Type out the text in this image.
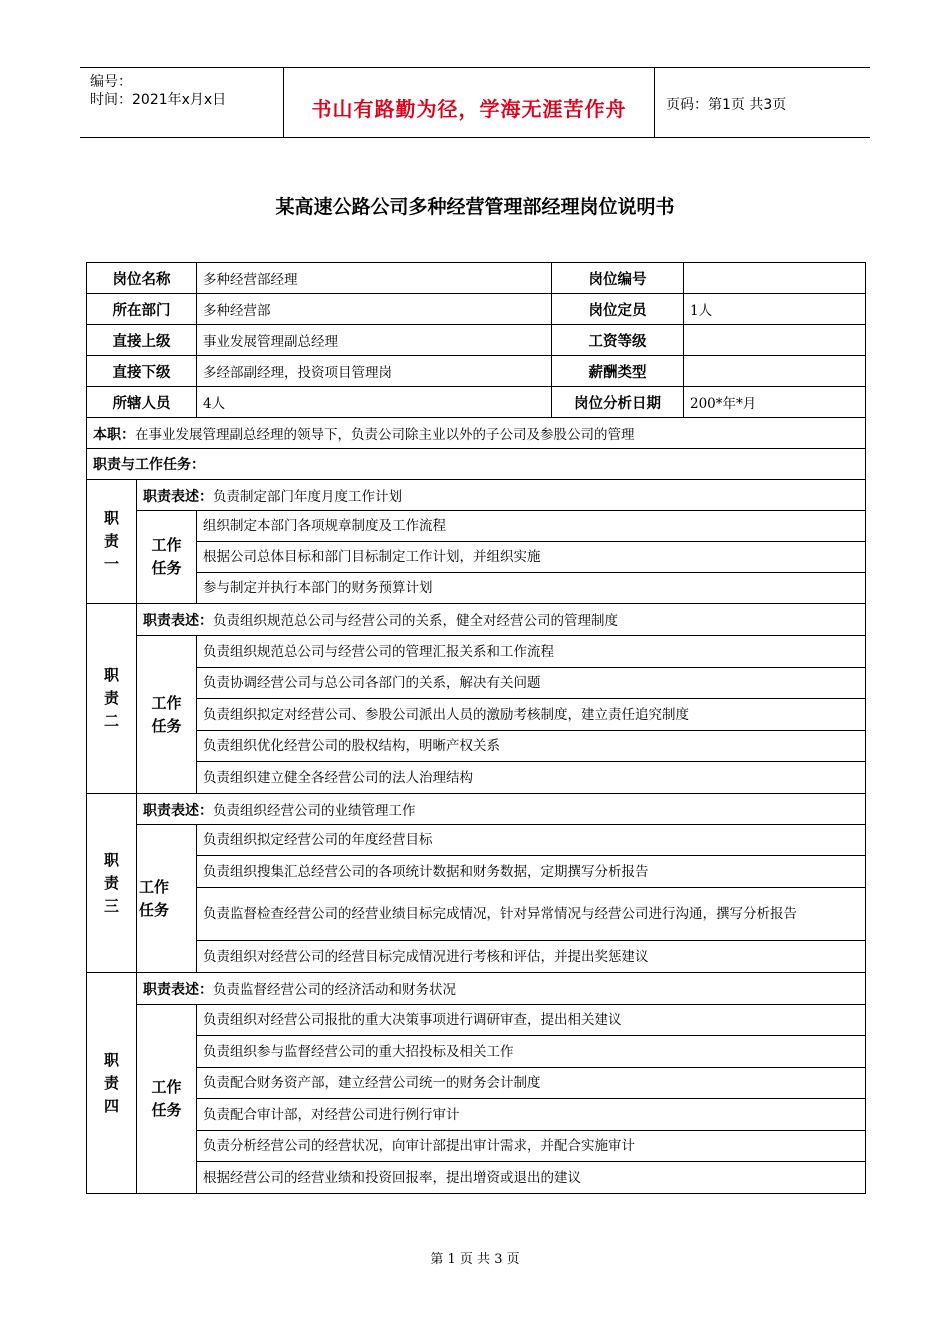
编号：
时间：2021年x月x日	书山有路勤为径，学海无涯苦作舟	页码：第1页 共3页
某高速公路公司多种经营管理部经理岗位说明书
岗位名称		多种经营部经理	岗位编号	
所在部门		多种经营部	岗位定员	1人
直接上级		事业发展管理副总经理	工资等级	
直接下级		多经部副经理，投资项目管理岗	薪酬类型	
所辖人员		4人	岗位分析日期	200*年*月
本职：在事业发展管理副总经理的领导下，负责公司除主业以外的子公司及参股公司的管理				
职责与工作任务：				
职责一	职责表述：负责制定部门年度月度工作计划			
	工作任务	组织制定本部门各项规章制度及工作流程		
		根据公司总体目标和部门目标制定工作计划，并组织实施		
		参与制定并执行本部门的财务预算计划		
职责二	职责表述：负责组织规范总公司与经营公司的关系，健全对经营公司的管理制度			
	工作任务	负责组织规范总公司与经营公司的管理汇报关系和工作流程		
		负责协调经营公司与总公司各部门的关系，解决有关问题		
		负责组织拟定对经营公司、参股公司派出人员的激励考核制度，建立责任追究制度		
		负责组织优化经营公司的股权结构，明晰产权关系		
		负责组织建立健全各经营公司的法人治理结构		
职责三	职责表述：负责组织经营公司的业绩管理工作			
	工作任务	负责组织拟定经营公司的年度经营目标		
		负责组织搜集汇总经营公司的各项统计数据和财务数据，定期撰写分析报告		
		负责监督检查经营公司的经营业绩目标完成情况，针对异常情况与经营公司进行沟通，撰写分析报告		
		负责组织对经营公司的经营目标完成情况进行考核和评估，并提出奖惩建议		
职责四	职责表述：负责监督经营公司的经济活动和财务状况			
	工作任务	负责组织对经营公司报批的重大决策事项进行调研审查，提出相关建议		
		负责组织参与监督经营公司的重大招投标及相关工作		
		负责配合财务资产部，建立经营公司统一的财务会计制度		
		负责配合审计部，对经营公司进行例行审计		
		负责分析经营公司的经营状况，向审计部提出审计需求，并配合实施审计		
		根据经营公司的经营业绩和投资回报率，提出增资或退出的建议		
第 1 页 共 3 页
